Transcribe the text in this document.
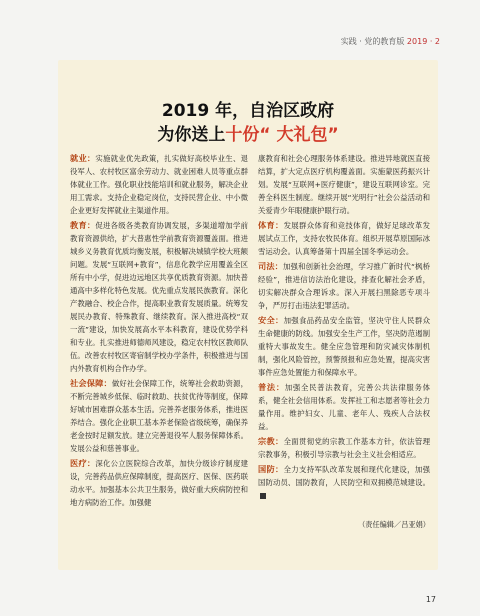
实践 · 党的教育版 2019 · 2
2019 年，自治区政府
为你送上十份“ 大礼包”

就业：实施就业优先政策，扎实做好高校毕业生、退役军人、农村牧区富余劳动力、就业困难人员等重点群体就业工作。强化职业技能培训和就业服务，解决企业用工需求。支持企业稳定岗位，支持民营企业、中小微企业更好发挥就业主渠道作用。

教育：促进各级各类教育协调发展，多渠道增加学前教育资源供给，扩大普惠性学前教育资源覆盖面。推进城乡义务教育优质均衡发展，积极解决城镇学校大班额问题。发展“互联网+教育”，信息化教学应用覆盖全区所有中小学，促进边远地区共享优质教育资源。加快普通高中多样化特色发展。优先重点发展民族教育。深化产教融合、校企合作，提高职业教育发展质量。统筹发展民办教育、特殊教育、继续教育。深入推进高校“双一流”建设，加快发展高水平本科教育，建设优势学科和专业。扎实推进师德师风建设，稳定农村牧区教师队伍。改善农村牧区寄宿制学校办学条件，积极推进与国内外教育机构合作办学。

社会保障：做好社会保障工作，统筹社会救助资源，不断完善城乡低保、临时救助、扶贫优待等制度，保障好城市困难群众基本生活。完善养老服务体系，推进医养结合。强化企业职工基本养老保险省级统筹，确保养老金按时足额发放。建立完善退役军人服务保障体系。发展公益和慈善事业。

医疗：深化公立医院综合改革，加快分级诊疗制度建设，完善药品供应保障制度，提高医疗、医保、医药联动水平。加强基本公共卫生服务，做好重大疾病防控和地方病防治工作。加强健

康教育和社会心理服务体系建设。推进异地就医直接结算，扩大定点医疗机构覆盖面。实施蒙医药振兴计划。发展“互联网+医疗健康”，建设互联网诊室。完善全科医生制度。继续开展“光明行”社会公益活动和关爱青少年眼健康护眼行动。

体育：发展群众体育和竞技体育，做好足球改革发展试点工作，支持农牧民体育。组织开展草原国际冰雪运动会。认真筹备第十四届全国冬季运动会。

司法：加强和创新社会治理，学习推广新时代“枫桥经验”，推进信访法治化建设，排查化解社会矛盾，切实解决群众合理诉求。深入开展扫黑除恶专项斗争，严厉打击违法犯罪活动。

安全：加强食品药品安全监管，坚决守住人民群众生命健康的防线。加强安全生产工作，坚决防范遏制重特大事故发生。健全应急管理和防灾减灾体制机制，强化风险管控，预警预报和应急处置，提高灾害事件应急处置能力和保障水平。

普法：加强全民普法教育，完善公共法律服务体系，健全社会信用体系。发挥社工和志愿者等社会力量作用。维护妇女、儿童、老年人、残疾人合法权益。

宗教：全面贯彻党的宗教工作基本方针，依法管理宗教事务，积极引导宗教与社会主义社会相适应。

国防：全力支持军队改革发展和现代化建设，加强国防动员、国防教育，人民防空和双拥模范城建设。

（责任编辑／吕亚娟）
17
